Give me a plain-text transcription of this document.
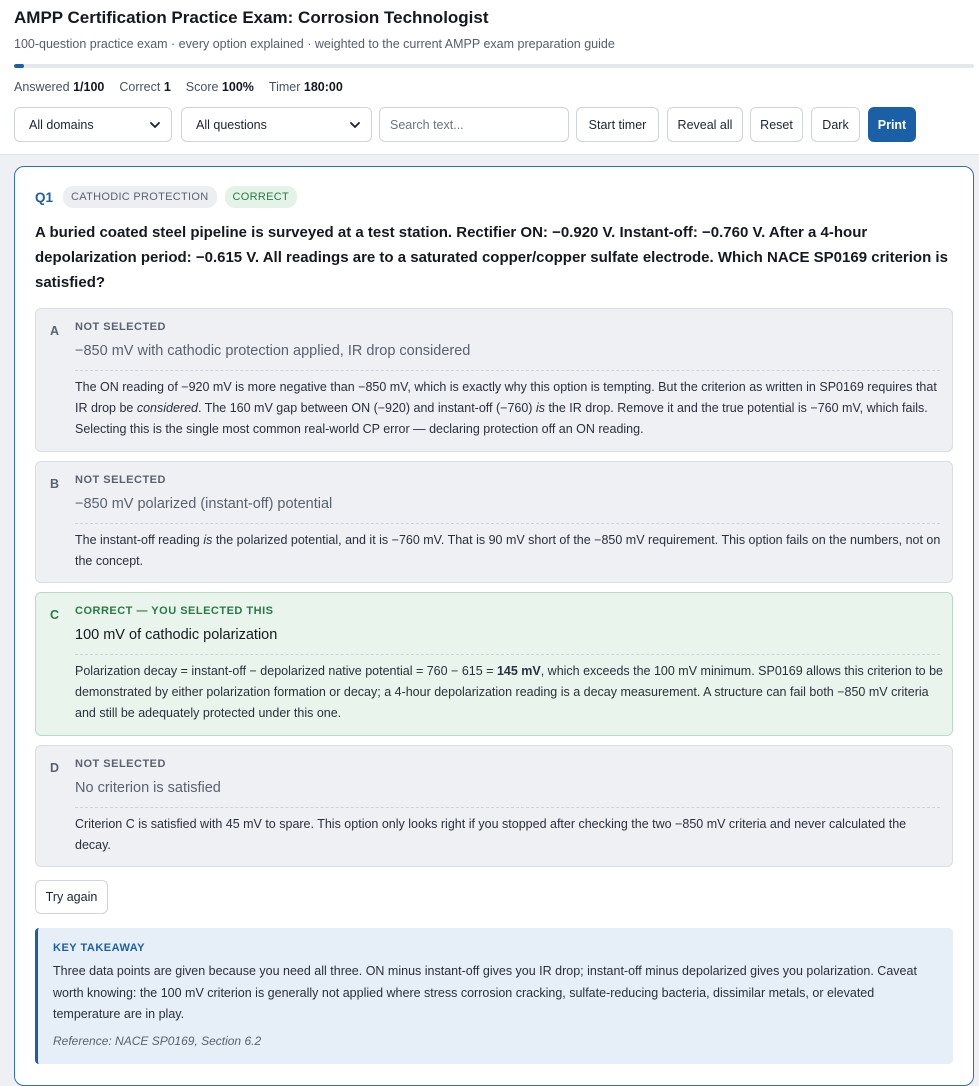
AMPP Certification Practice Exam: Corrosion Technologist
100-question practice exam · every option explained · weighted to the current AMPP exam preparation guide
Answered 1/100 Correct 1 Score 100% Timer 180:00
All domains	All questions	Search text...	Start timer	Reveal all	Reset	Dark	Print
Q1	CATHODIC PROTECTION	CORRECT
A buried coated steel pipeline is surveyed at a test station. Rectifier ON: −0.920 V. Instant-off: −0.760 V. After a 4-hour depolarization period: −0.615 V. All readings are to a saturated copper/copper sulfate electrode. Which NACE SP0169 criterion is satisfied?
A NOT SELECTED
−850 mV with cathodic protection applied, IR drop considered
The ON reading of −920 mV is more negative than −850 mV, which is exactly why this option is tempting. But the criterion as written in SP0169 requires that IR drop be considered. The 160 mV gap between ON (−920) and instant-off (−760) is the IR drop. Remove it and the true potential is −760 mV, which fails. Selecting this is the single most common real-world CP error — declaring protection off an ON reading.
B NOT SELECTED
−850 mV polarized (instant-off) potential
The instant-off reading is the polarized potential, and it is −760 mV. That is 90 mV short of the −850 mV requirement. This option fails on the numbers, not on the concept.
C CORRECT — YOU SELECTED THIS
100 mV of cathodic polarization
Polarization decay = instant-off − depolarized native potential = 760 − 615 = 145 mV, which exceeds the 100 mV minimum. SP0169 allows this criterion to be demonstrated by either polarization formation or decay; a 4-hour depolarization reading is a decay measurement. A structure can fail both −850 mV criteria and still be adequately protected under this one.
D NOT SELECTED
No criterion is satisfied
Criterion C is satisfied with 45 mV to spare. This option only looks right if you stopped after checking the two −850 mV criteria and never calculated the decay.
Try again
KEY TAKEAWAY
Three data points are given because you need all three. ON minus instant-off gives you IR drop; instant-off minus depolarized gives you polarization. Caveat worth knowing: the 100 mV criterion is generally not applied where stress corrosion cracking, sulfate-reducing bacteria, dissimilar metals, or elevated temperature are in play.
Reference: NACE SP0169, Section 6.2
